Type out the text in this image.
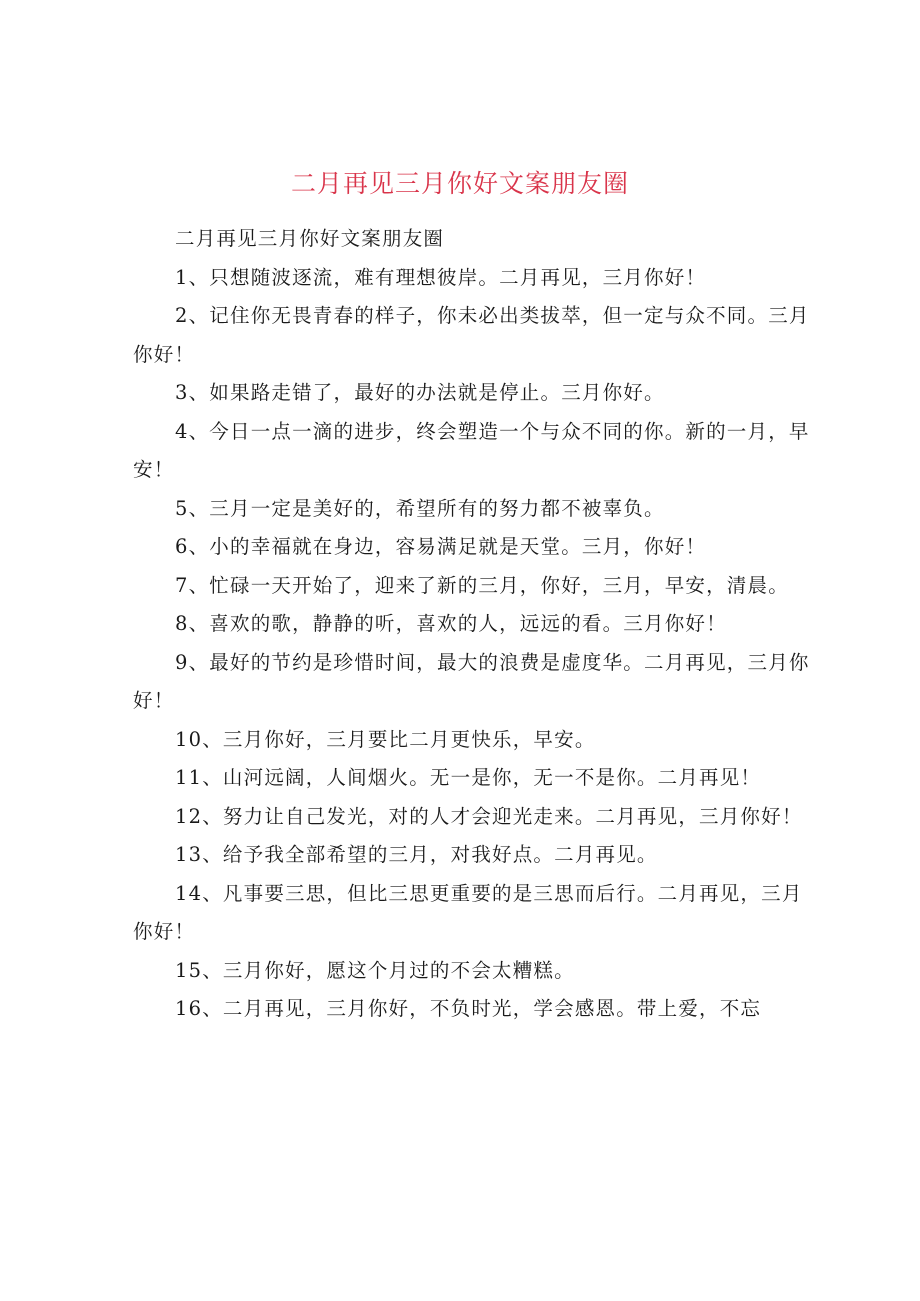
二月再见三月你好文案朋友圈

二月再见三月你好文案朋友圈

1、只想随波逐流，难有理想彼岸。二月再见，三月你好！

2、记住你无畏青春的样子，你未必出类拔萃，但一定与众不同。三月你好！

3、如果路走错了，最好的办法就是停止。三月你好。

4、今日一点一滴的进步，终会塑造一个与众不同的你。新的一月，早安！

5、三月一定是美好的，希望所有的努力都不被辜负。

6、小的幸福就在身边，容易满足就是天堂。三月，你好！

7、忙碌一天开始了，迎来了新的三月，你好，三月，早安，清晨。

8、喜欢的歌，静静的听，喜欢的人，远远的看。三月你好！

9、最好的节约是珍惜时间，最大的浪费是虚度华。二月再见，三月你好！

10、三月你好，三月要比二月更快乐，早安。

11、山河远阔，人间烟火。无一是你，无一不是你。二月再见！

12、努力让自己发光，对的人才会迎光走来。二月再见，三月你好！

13、给予我全部希望的三月，对我好点。二月再见。

14、凡事要三思，但比三思更重要的是三思而后行。二月再见，三月你好！

15、三月你好，愿这个月过的不会太糟糕。

16、二月再见，三月你好，不负时光，学会感恩。带上爱，不忘
